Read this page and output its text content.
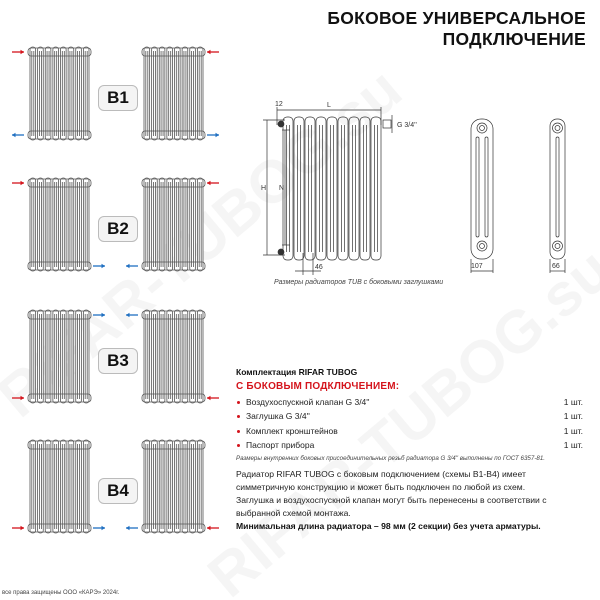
БОКОВОЕ УНИВЕРСАЛЬНОЕ
ПОДКЛЮЧЕНИЕ
B1
B2
B3
B4
12	L
G 3/4''
H N
46	107	66
Размеры радиаторов TUB с боковыми заглушками
Комплектация RIFAR TUBOG
С БОКОВЫМ ПОДКЛЮЧЕНИЕМ:
Воздухоспускной клапан G 3/4''	1 шт.
Заглушка G 3/4''	1 шт.
Комплект кронштейнов	1 шт.
Паспорт прибора	1 шт.
Размеры внутренних боковых присоединительных резьб радиатора G 3/4'' выполнены по ГОСТ 6357-81.

Радиатор RIFAR TUBOG с боковым подключением (схемы B1-B4) имеет симметричную конструкцию и может быть подключен по любой из схем.

Заглушка и воздухоспускной клапан могут быть перенесены в соответствии с выбранной схемой монтажа.

Минимальная длина радиатора – 98 мм (2 секции) без учета арматуры.

все права защищены ООО «КАРЭ» 2024г.
